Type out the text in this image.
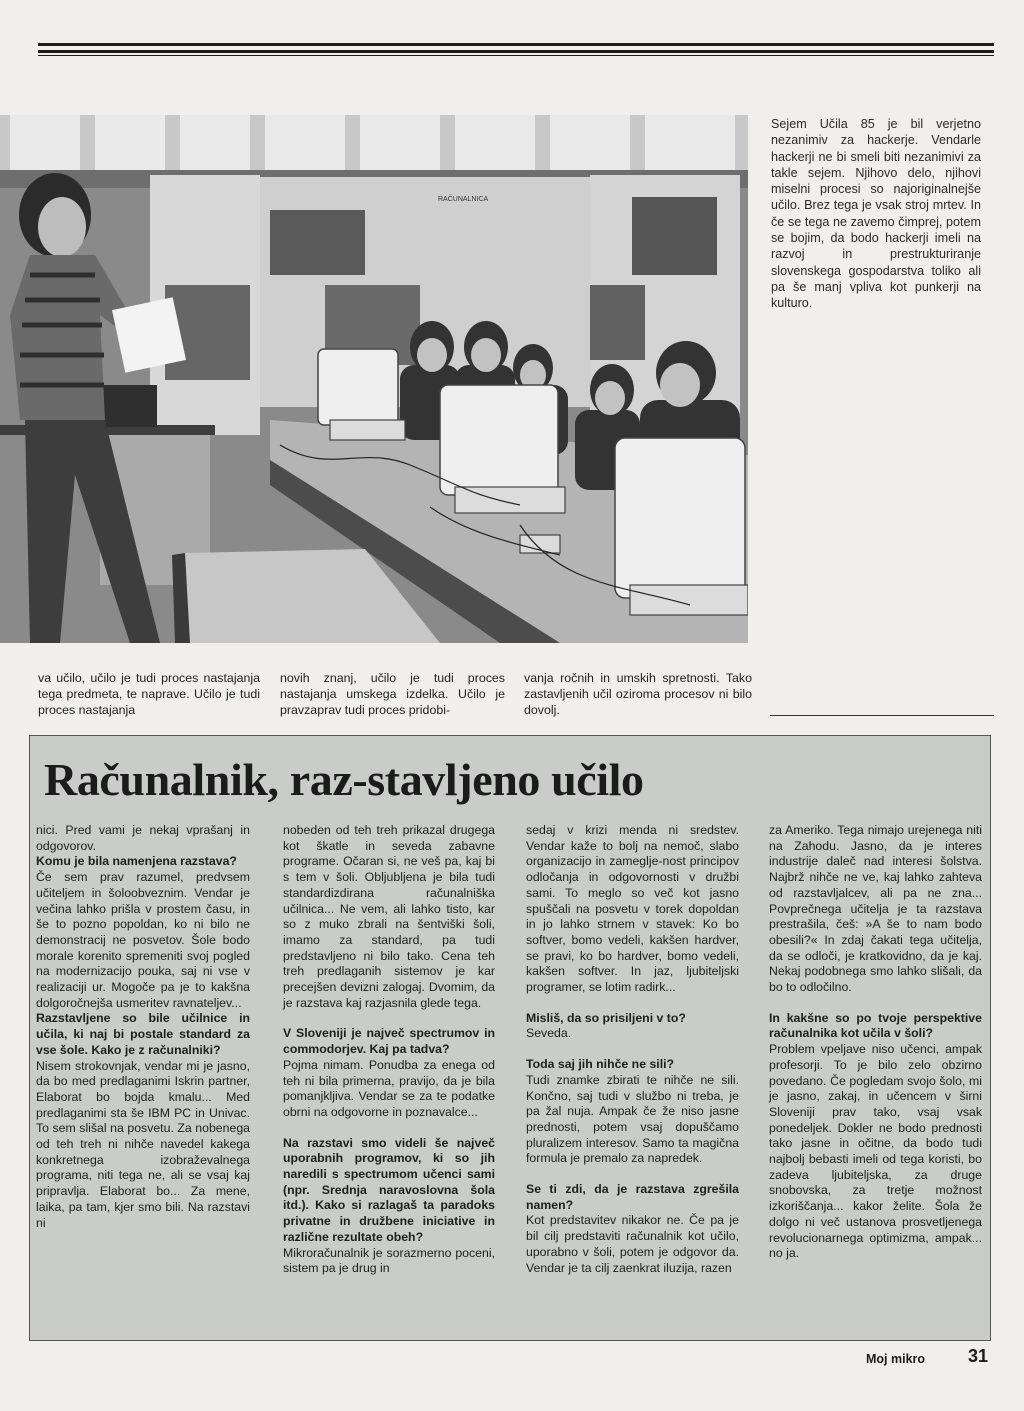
RAČUNALNICA
Sejem Učila 85 je bil verjetno nezanimiv za hackerje. Vendarle hackerji ne bi smeli biti nezanimivi za takle sejem. Njihovo delo, njihovi miselni procesi so najoriginalnejše učilo. Brez tega je vsak stroj mrtev. In če se tega ne zavemo čimprej, potem se bojim, da bodo hackerji imeli na razvoj in prestrukturiranje slovenskega gospodarstva toliko ali pa še manj vpliva kot punkerji na kulturo.
va učilo, učilo je tudi proces nastajanja tega predmeta, te naprave. Učilo je tudi proces nastajanja
novih znanj, učilo je tudi proces nastajanja umskega izdelka. Učilo je pravzaprav tudi proces pridobi-
vanja ročnih in umskih spretnosti. Tako zastavljenih učil oziroma procesov ni bilo dovolj.
Računalnik, raz-stavljeno učilo

nici. Pred vami je nekaj vprašanj in odgovorov.

Komu je bila namenjena razstava?

Če sem prav razumel, predvsem učiteljem in šoloobveznim. Vendar je večina lahko prišla v prostem času, in še to pozno popoldan, ko ni bilo ne demonstracij ne posvetov. Šole bodo morale korenito spremeniti svoj pogled na modernizacijo pouka, saj ni vse v realizaciji ur. Mogoče pa je to kakšna dolgoročnejša usmeritev ravnateljev...

Razstavljene so bile učilnice in učila, ki naj bi postale standard za vse šole. Kako je z računalniki?

Nisem strokovnjak, vendar mi je jasno, da bo med predlaganimi Iskrin partner, Elaborat bo bojda kmalu... Med predlaganimi sta še IBM PC in Univac. To sem slišal na posvetu. Za nobenega od teh treh ni nihče navedel kakega konkretnega izobraževalnega programa, niti tega ne, ali se vsaj kaj pripravlja. Elaborat bo... Za mene, laika, pa tam, kjer smo bili. Na razstavi ni

nobeden od teh treh prikazal drugega kot škatle in seveda zabavne programe. Očaran si, ne veš pa, kaj bi s tem v šoli. Obljubljena je bila tudi standardizdirana računalniška učilnica... Ne vem, ali lahko tisto, kar so z muko zbrali na šentviški šoli, imamo za standard, pa tudi predstavljeno ni bilo tako. Cena teh treh predlaganih sistemov je kar precejšen devizni zalogaj. Dvomim, da je razstava kaj razjasnila glede tega.

V Sloveniji je največ spectrumov in commodorjev. Kaj pa tadva?

Pojma nimam. Ponudba za enega od teh ni bila primerna, pravijo, da je bila pomanjkljiva. Vendar se za te podatke obrni na odgovorne in poznavalce...

Na razstavi smo videli še največ uporabnih programov, ki so jih naredili s spectrumom učenci sami (npr. Srednja naravoslovna šola itd.). Kako si razlagaš ta paradoks privatne in družbene iniciative in različne rezultate obeh?

Mikroračunalnik je sorazmerno poceni, sistem pa je drug in

sedaj v krizi menda ni sredstev. Vendar kaže to bolj na nemoč, slabo organizacijo in zameglje-nost principov odločanja in odgovornosti v družbi sami. To meglo so več kot jasno spuščali na posvetu v torek dopoldan in jo lahko strnem v stavek: Ko bo softver, bomo vedeli, kakšen hardver, se pravi, ko bo hardver, bomo vedeli, kakšen softver. In jaz, ljubiteljski programer, se lotim radirk...

Misliš, da so prisiljeni v to?

Seveda.

Toda saj jih nihče ne sili?

Tudi znamke zbirati te nihče ne sili. Končno, saj tudi v službo ni treba, je pa žal nuja. Ampak če že niso jasne prednosti, potem vsaj dopuščamo pluralizem interesov. Samo ta magična formula je premalo za napredek.

Se ti zdi, da je razstava zgrešila namen?

Kot predstavitev nikakor ne. Če pa je bil cilj predstaviti računalnik kot učilo, uporabno v šoli, potem je odgovor da. Vendar je ta cilj zaenkrat iluzija, razen

za Ameriko. Tega nimajo urejenega niti na Zahodu. Jasno, da je interes industrije daleč nad interesi šolstva. Najbrž nihče ne ve, kaj lahko zahteva od razstavljalcev, ali pa ne zna... Povprečnega učitelja je ta razstava prestrašila, češ: »A še to nam bodo obesili?« In zdaj čakati tega učitelja, da se odloči, je kratkovidno, da je kaj. Nekaj podobnega smo lahko slišali, da bo to odločilno.

In kakšne so po tvoje perspektive računalnika kot učila v šoli?

Problem vpeljave niso učenci, ampak profesorji. To je bilo zelo obzirno povedano. Če pogledam svojo šolo, mi je jasno, zakaj, in učencem v širni Sloveniji prav tako, vsaj vsak ponedeljek. Dokler ne bodo prednosti tako jasne in očitne, da bodo tudi najbolj bebasti imeli od tega koristi, bo zadeva ljubiteljska, za druge snobovska, za tretje možnost izkoriščanja... kakor želite. Šola že dolgo ni več ustanova prosvetljenega revolucionarnega optimizma, ampak... no ja.

Moj mikro 31
